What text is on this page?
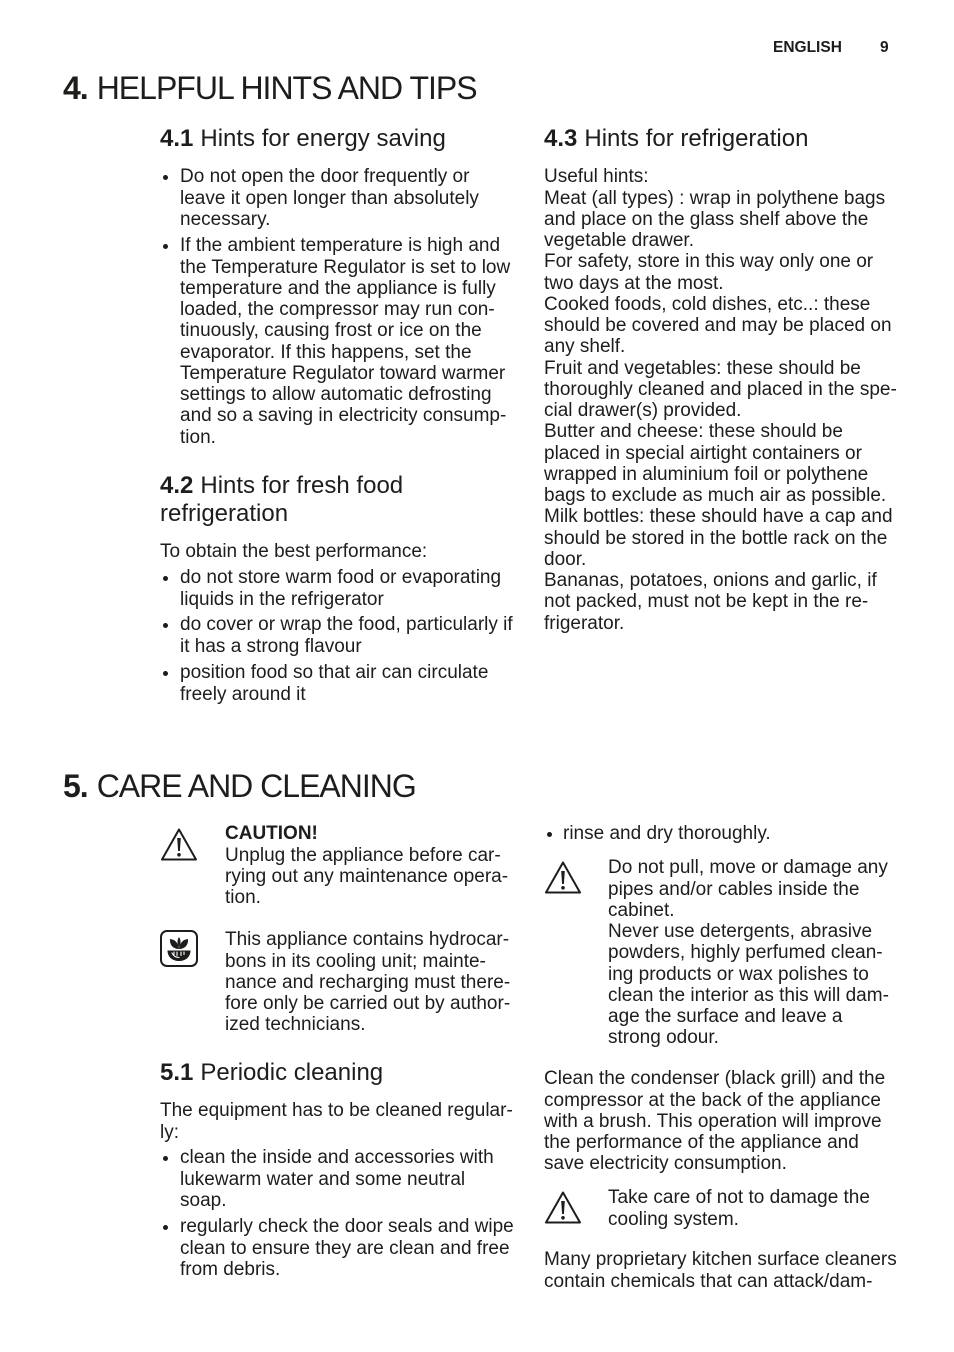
ENGLISH 9
4. HELPFUL HINTS AND TIPS
4.1 Hints for energy saving
Do not open the door frequently or
leave it open longer than absolutely
necessary.
If the ambient temperature is high and
the Temperature Regulator is set to low
temperature and the appliance is fully
loaded, the compressor may run con-
tinuously, causing frost or ice on the
evaporator. If this happens, set the
Temperature Regulator toward warmer
settings to allow automatic defrosting
and so a saving in electricity consump-
tion.
4.2 Hints for fresh food
refrigeration
To obtain the best performance:
do not store warm food or evaporating
liquids in the refrigerator
do cover or wrap the food, particularly if
it has a strong flavour
position food so that air can circulate
freely around it
4.3 Hints for refrigeration
Useful hints:
Meat (all types) : wrap in polythene bags
and place on the glass shelf above the
vegetable drawer.
For safety, store in this way only one or
two days at the most.
Cooked foods, cold dishes, etc..: these
should be covered and may be placed on
any shelf.
Fruit and vegetables: these should be
thoroughly cleaned and placed in the spe-
cial drawer(s) provided.
Butter and cheese: these should be
placed in special airtight containers or
wrapped in aluminium foil or polythene
bags to exclude as much air as possible.
Milk bottles: these should have a cap and
should be stored in the bottle rack on the
door.
Bananas, potatoes, onions and garlic, if
not packed, must not be kept in the re-
frigerator.
5. CARE AND CLEANING
CAUTION!
Unplug the appliance before car-
rying out any maintenance opera-
tion.
This appliance contains hydrocar-
bons in its cooling unit; mainte-
nance and recharging must there-
fore only be carried out by author-
ized technicians.
5.1 Periodic cleaning
The equipment has to be cleaned regular-
ly:
clean the inside and accessories with
lukewarm water and some neutral
soap.
regularly check the door seals and wipe
clean to ensure they are clean and free
from debris.
rinse and dry thoroughly.
Do not pull, move or damage any
pipes and/or cables inside the
cabinet.
Never use detergents, abrasive
powders, highly perfumed clean-
ing products or wax polishes to
clean the interior as this will dam-
age the surface and leave a
strong odour.
Clean the condenser (black grill) and the
compressor at the back of the appliance
with a brush. This operation will improve
the performance of the appliance and
save electricity consumption.
Take care of not to damage the
cooling system.
Many proprietary kitchen surface cleaners
contain chemicals that can attack/dam-
